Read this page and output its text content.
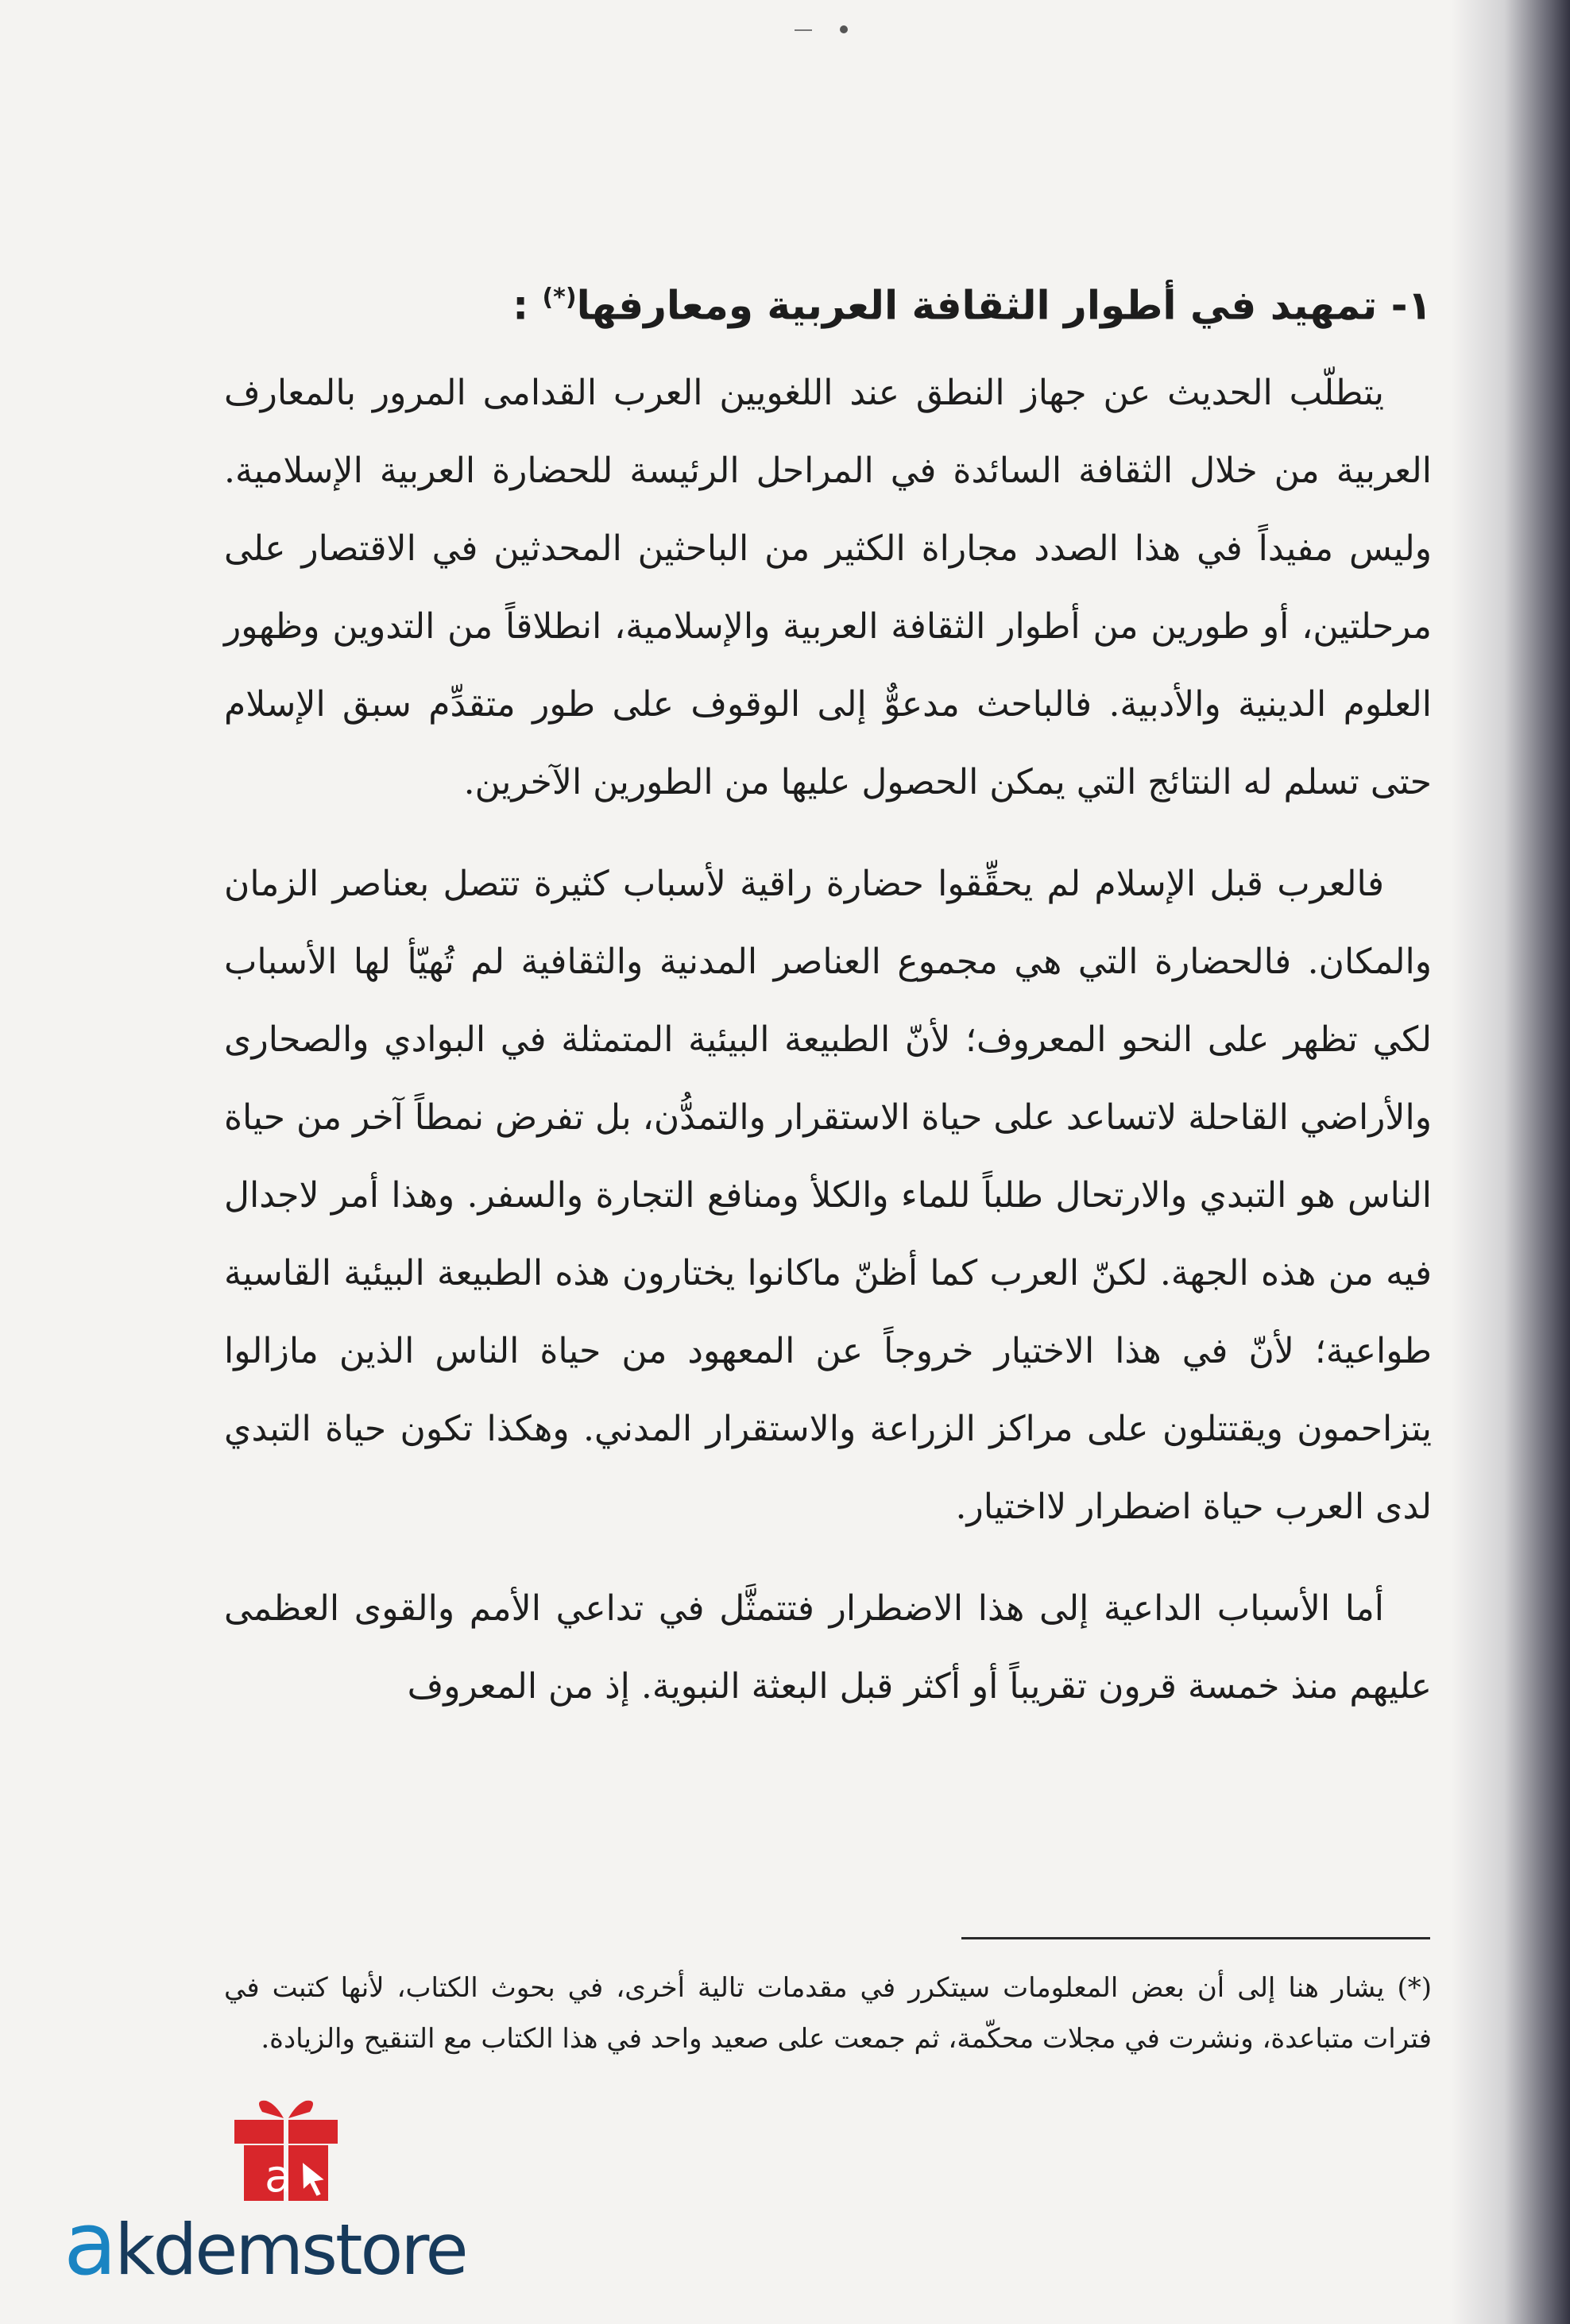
١- تمهيد في أطوار الثقافة العربية ومعارفها(*) :

يتطلّب الحديث عن جهاز النطق عند اللغويين العرب القدامى المرور بالمعارف العربية من خلال الثقافة السائدة في المراحل الرئيسة للحضارة العربية الإسلامية. وليس مفيداً في هذا الصدد مجاراة الكثير من الباحثين المحدثين في الاقتصار على مرحلتين، أو طورين من أطوار الثقافة العربية والإسلامية، انطلاقاً من التدوين وظهور العلوم الدينية والأدبية. فالباحث مدعوٌّ إلى الوقوف على طور متقدِّم سبق الإسلام حتى تسلم له النتائج التي يمكن الحصول عليها من الطورين الآخرين.

فالعرب قبل الإسلام لم يحقِّقوا حضارة راقية لأسباب كثيرة تتصل بعناصر الزمان والمكان. فالحضارة التي هي مجموع العناصر المدنية والثقافية لم تُهيّأ لها الأسباب لكي تظهر على النحو المعروف؛ لأنّ الطبيعة البيئية المتمثلة في البوادي والصحارى والأراضي القاحلة لاتساعد على حياة الاستقرار والتمدُّن، بل تفرض نمطاً آخر من حياة الناس هو التبدي والارتحال طلباً للماء والكلأ ومنافع التجارة والسفر. وهذا أمر لاجدال فيه من هذه الجهة. لكنّ العرب كما أظنّ ماكانوا يختارون هذه الطبيعة البيئية القاسية طواعية؛ لأنّ في هذا الاختيار خروجاً عن المعهود من حياة الناس الذين مازالوا يتزاحمون ويقتتلون على مراكز الزراعة والاستقرار المدني. وهكذا تكون حياة التبدي لدى العرب حياة اضطرار لااختيار.

أما الأسباب الداعية إلى هذا الاضطرار فتتمثَّل في تداعي الأمم والقوى العظمى عليهم منذ خمسة قرون تقريباً أو أكثر قبل البعثة النبوية. إذ من المعروف

(*) يشار هنا إلى أن بعض المعلومات سيتكرر في مقدمات تالية أخرى، في بحوث الكتاب، لأنها كتبت في فترات متباعدة، ونشرت في مجلات محكّمة، ثم جمعت على صعيد واحد في هذا الكتاب مع التنقيح والزيادة.
a
akdemstore
